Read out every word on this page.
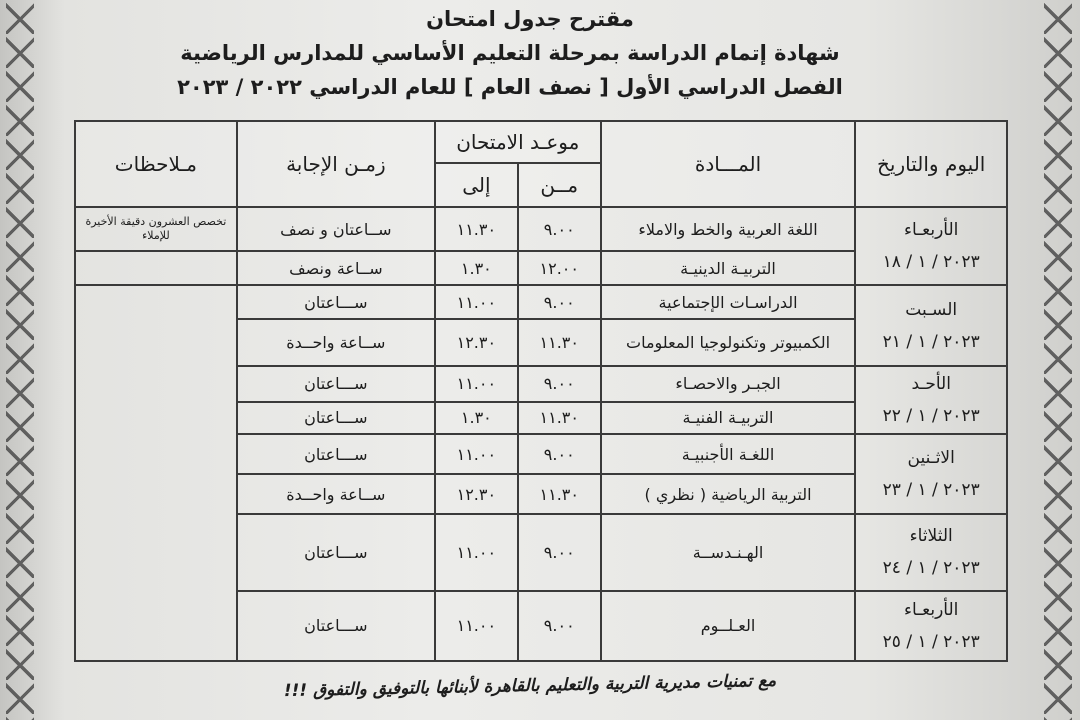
مقترح جدول امتحان
شهادة إتمام الدراسة بمرحلة التعليم الأساسي للمدارس الرياضية
الفصل الدراسي الأول [ نصف العام ] للعام الدراسي ٢٠٢٢ / ٢٠٢٣
اليوم والتاريخ	المـــادة	موعـد الامتحان		زمـن الإجابة	مـلاحظات
		مــن	إلى		

الأربعـاء
٢٠٢٣ / ١ / ١٨	اللغة العربية والخط والاملاء	٩.٠٠	١١.٣٠	ســاعتان و نصف	تخصص العشرون دقيقة الأخيرة للإملاء
	التربيـة الدينيـة	١٢.٠٠	١.٣٠	ســاعة ونصف	

السـبت
٢٠٢٣ / ١ / ٢١	الدراسـات الإجتماعية	٩.٠٠	١١.٠٠	ســـاعتان	
	الكمبيوتر وتكنولوجيا المعلومات	١١.٣٠	١٢.٣٠	ســاعة واحــدة	

الأحـد
٢٠٢٣ / ١ / ٢٢	الجبـر والاحصـاء	٩.٠٠	١١.٠٠	ســـاعتان	
	التربيـة الفنيـة	١١.٣٠	١.٣٠	ســـاعتان	

الاثـنين
٢٠٢٣ / ١ / ٢٣	اللغـة الأجنبيـة	٩.٠٠	١١.٠٠	ســـاعتان	
	التربية الرياضية ( نظري )	١١.٣٠	١٢.٣٠	ســاعة واحــدة	

الثلاثاء
٢٠٢٣ / ١ / ٢٤	الهـنـدســة	٩.٠٠	١١.٠٠	ســـاعتان	

الأربعـاء
٢٠٢٣ / ١ / ٢٥	العـلــوم	٩.٠٠	١١.٠٠	ســـاعتان	
مع تمنيات مديرية التربية والتعليم بالقاهرة لأبنائها بالتوفيق والتفوق !!!
